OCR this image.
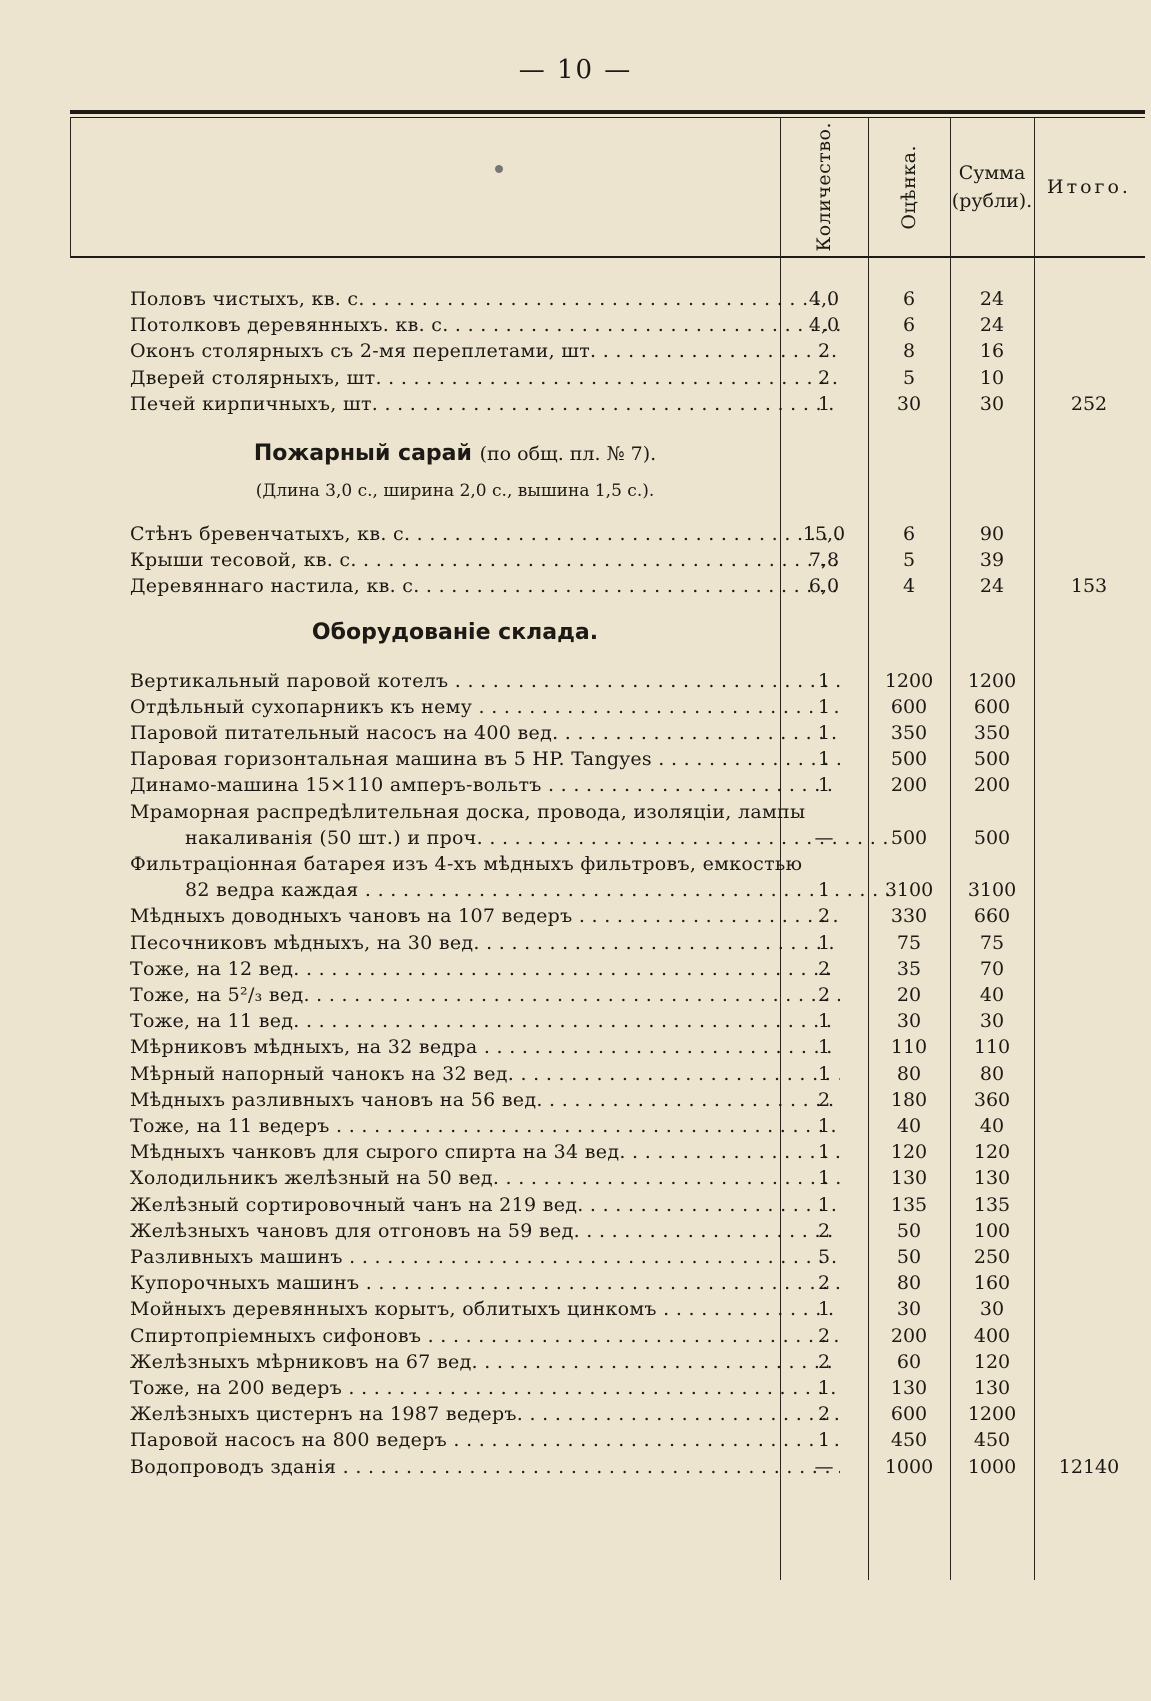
— 10 —
Количество.	Оцѣнка.	Сумма
(рубли).
Итого.
Половъ чистыхъ, кв. с. . . .	4,0	6	24
Потолковъ деревянныхъ. кв. с. . . .	4,0	6	24
Оконъ столярныхъ съ 2-мя переплетами, шт. . . .	2	8	16
Дверей столярныхъ, шт. . . .	2	5	10
Печей кирпичныхъ, шт. . . .	1	30	30	252
Пожарный сарай (по общ. пл. № 7).
(Длина 3,0 с., ширина 2,0 с., вышина 1,5 с.).
Стѣнъ бревенчатыхъ, кв. с. . . .	15,0	6	90
Крыши тесовой, кв. с. . . .	7,8	5	39
Деревяннаго настила, кв. с. . . .	6,0	4	24	153
Оборудованіе склада.
Вертикальный паровой котелъ . . .	1	1200	1200
Отдѣльный сухопарникъ къ нему . . .	1	600	600
Паровой питательный насосъ на 400 вед. . . .	1	350	350
Паровая горизонтальная машина въ 5 HP. Tangyes . . .	1	500	500
Динамо-машина 15×110 амперъ-вольтъ . . .	1	200	200
Мраморная распредѣлительная доска, провода, изоляціи, лампы
накаливанія (50 шт.) и проч. . . .	—	500	500
Фильтраціонная батарея изъ 4-хъ мѣдныхъ фильтровъ, емкостью
82 ведра каждая . . .	1	3100	3100
Мѣдныхъ доводныхъ чановъ на 107 ведеръ . . .	2	330	660
Песочниковъ мѣдныхъ, на 30 вед. . . .	1	75	75
Тоже, на 12 вед. . . .	2	35	70
Тоже, на 5²/₃ вед. . . .	2	20	40
Тоже, на 11 вед. . . .	1	30	30
Мѣрниковъ мѣдныхъ, на 32 ведра . . .	1	110	110
Мѣрный напорный чанокъ на 32 вед. . . .	1	80	80
Мѣдныхъ разливныхъ чановъ на 56 вед. . . .	2	180	360
Тоже, на 11 ведеръ . . .	1	40	40
Мѣдныхъ чанковъ для сырого спирта на 34 вед. . . .	1	120	120
Холодильникъ желѣзный на 50 вед. . . .	1	130	130
Желѣзный сортировочный чанъ на 219 вед. . . .	1	135	135
Желѣзныхъ чановъ для отгоновъ на 59 вед. . . .	2	50	100
Разливныхъ машинъ . . .	5	50	250
Купорочныхъ машинъ . . .	2	80	160
Мойныхъ деревянныхъ корытъ, облитыхъ цинкомъ . . .	1	30	30
Спиртопріемныхъ сифоновъ . . .	2	200	400
Желѣзныхъ мѣрниковъ на 67 вед. . . .	2	60	120
Тоже, на 200 ведеръ . . .	1	130	130
Желѣзныхъ цистернъ на 1987 ведеръ. . . .	2	600	1200
Паровой насосъ на 800 ведеръ . . .	1	450	450
Водопроводъ зданія . . .	—	1000	1000	12140
